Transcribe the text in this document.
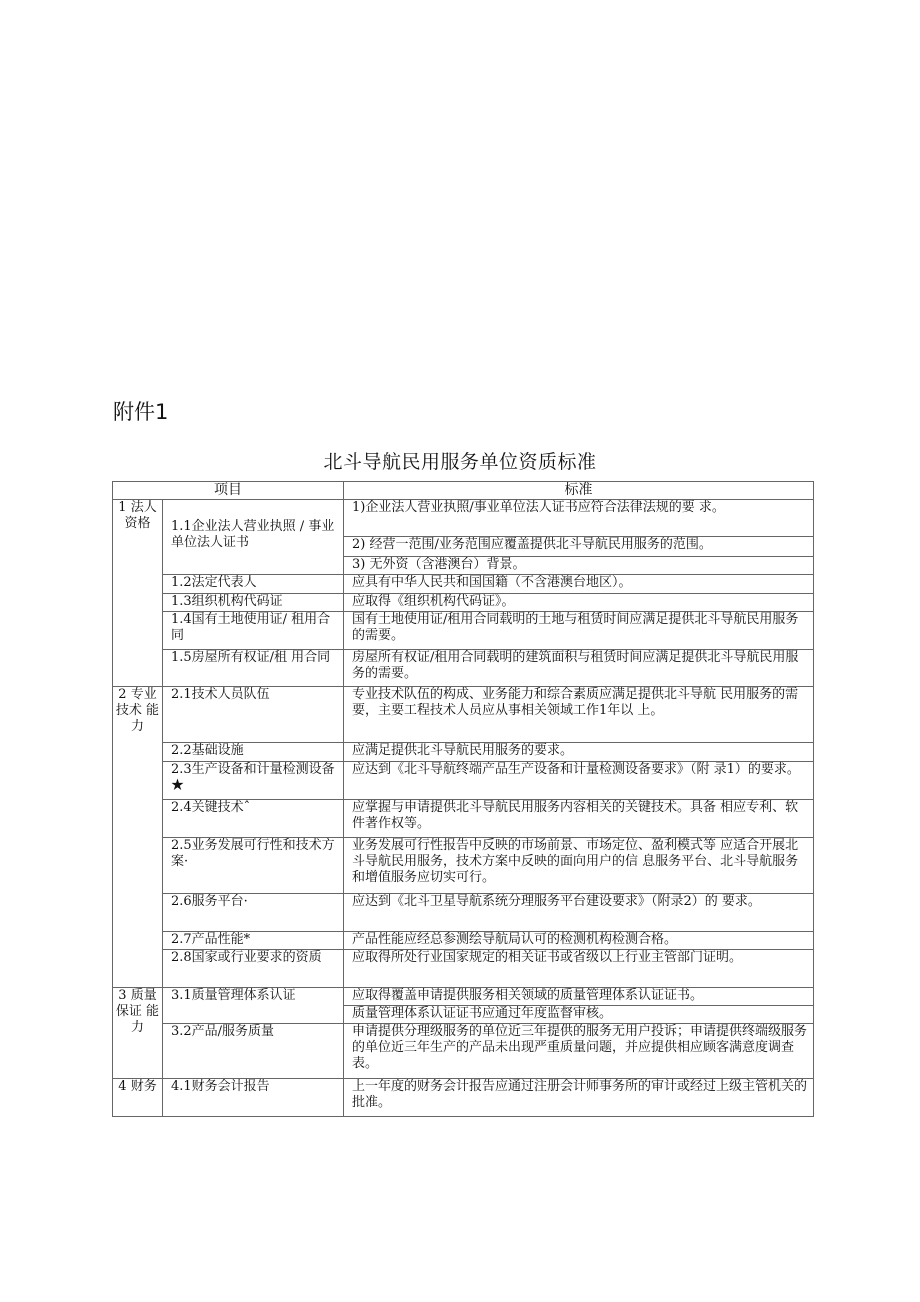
附件1
北斗导航民用服务单位资质标准
项目		标准
1 法人 资格	1.1企业法人营业执照 / 事业单位法人证书	1)企业法人营业执照/事业单位法人证书应符合法律法规的要 求。
		2) 经营一范围/业务范围应覆盖提供北斗导航民用服务的范围。
		3) 无外资（含港澳台）背景。
	1.2法定代表人	应具有中华人民共和国国籍（不含港澳台地区）。
	1.3组织机构代码证	应取得《组织机构代码证》。
	1.4国有土地使用证/ 租用合同	国有土地使用证/租用合同载明的土地与租赁时间应满足提供北斗导航民用服务的需要。
	1.5房屋所有权证/租 用合同	房屋所有权证/租用合同载明的建筑面积与租赁时间应满足提供北斗导航民用服务的需要。
2 专业 技术 能力	2.1技术人员队伍	专业技术队伍的构成、业务能力和综合素质应满足提供北斗导航 民用服务的需要，主要工程技术人员应从事相关领域工作1年以 上。
	2.2基础设施	应满足提供北斗导航民用服务的要求。
	2.3生产设备和计量检测设备★	应达到《北斗导航终端产品生产设备和计量检测设备要求》（附 录1）的要求。
	2.4关键技术ˆ	应掌握与申请提供北斗导航民用服务内容相关的关键技术。具备 相应专利、软件著作权等。
	2.5业务发展可行性和技术方案·	业务发展可行性报告中反映的市场前景、市场定位、盈利模式等 应适合开展北斗导航民用服务，技术方案中反映的面向用户的信 息服务平台、北斗导航服务和增值服务应切实可行。
	2.6服务平台·	应达到《北斗卫星导航系统分理服务平台建设要求》（附录2）的 要求。
	2.7产品性能*	产品性能应经总参测绘导航局认可的检测机构检测合格。
	2.8国家或行业要求的资质	应取得所处行业国家规定的相关证书或省级以上行业主管部门证明。
3 质量 保证 能力	3.1质量管理体系认证	应取得覆盖申请提供服务相关领域的质量管理体系认证证书。
		质量管理体系认证证书应通过年度监督审核。
	3.2产品/服务质量	申请提供分理级服务的单位近三年提供的服务无用户投诉；申请提供终端级服务的单位近三年生产的产品未出现严重质量问题，并应提供相应顾客满意度调查表。
4 财务	4.1财务会计报告	上一年度的财务会计报告应通过注册会计师事务所的审计或经过上级主管机关的批准。
